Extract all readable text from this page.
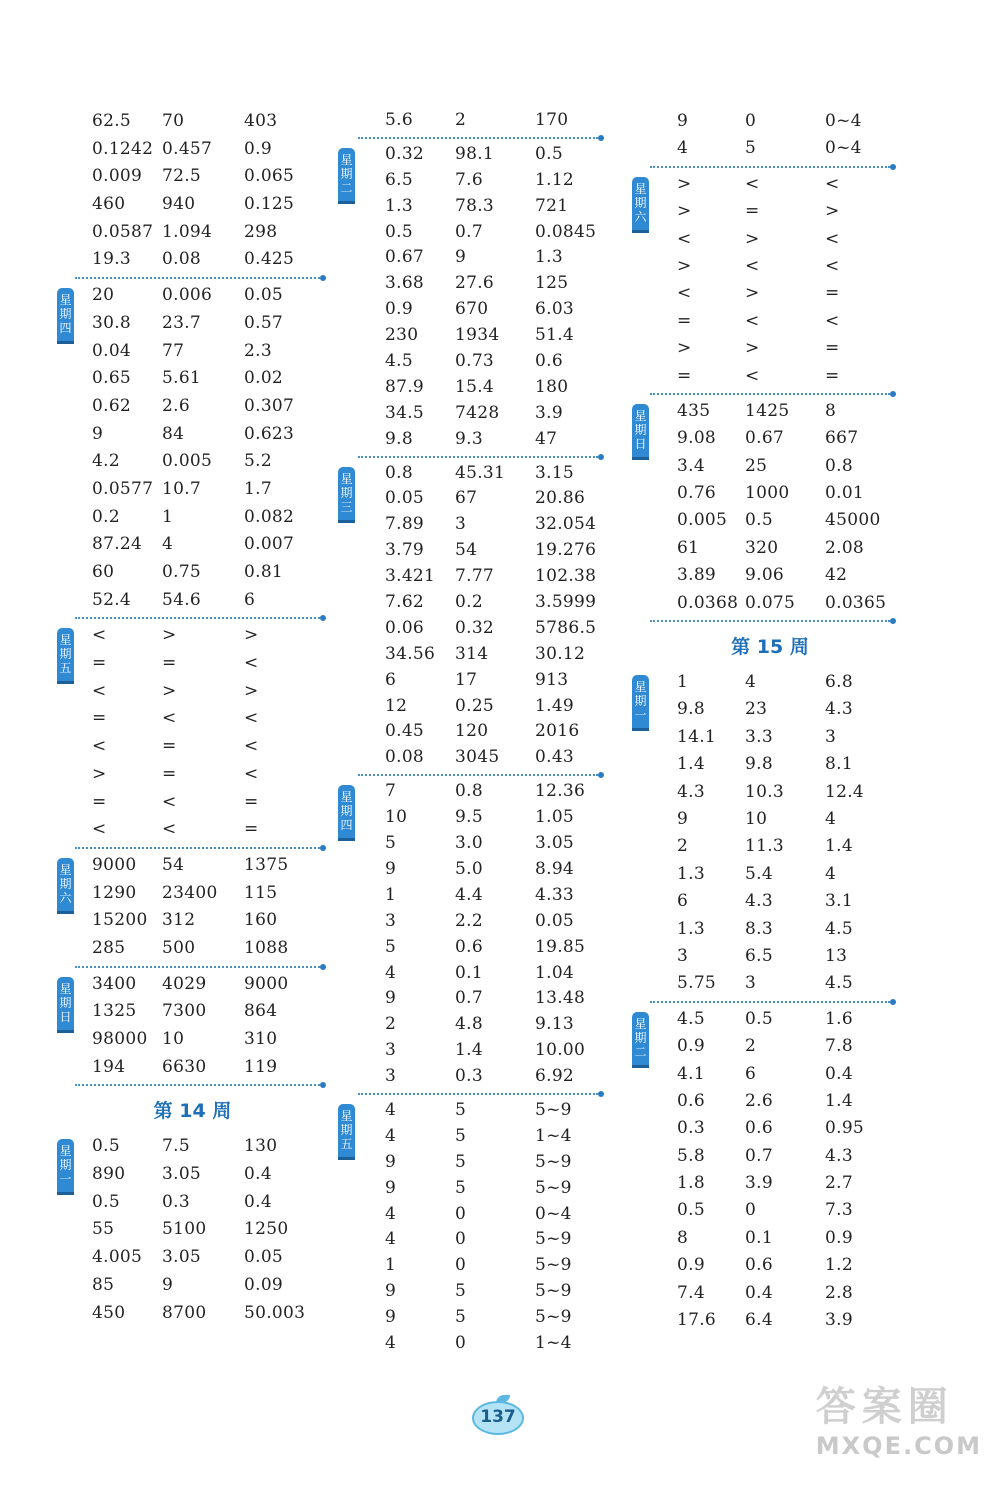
62.5	70	403
0.1242 0.457	0.9
0.009	72.5	0.065
460	940	0.125
0.0587 1.094	298
19.3	0.08	0.425
星期四
20	0.006	0.05
30.8	23.7	0.57
0.04	77	2.3
0.65	5.61	0.02
0.62	2.6	0.307
9	84	0.623
4.2	0.005	5.2
0.0577 10.7	1.7
0.2	1	0.082
87.24	4	0.007
60	0.75	0.81
52.4	54.6	6
星期五
<	>	>
=	=	<
<	>	>
=	<	<
<	=	<
>	=	<
=	<	=
<	<	=
星期六
9000	54	1375
1290	23400	115
15200 312	160
285	500	1088
星期日
3400	4029	9000
1325	7300	864
98000 10	310
194	6630	119
第 14 周
星期一
0.5	7.5	130
890	3.05	0.4
0.5	0.3	0.4
55	5100	1250
4.005	3.05	0.05
85	9	0.09
450	8700	50.003
5.6	2	170
星期二
0.32	98.1	0.5
6.5	7.6	1.12
1.3	78.3	721
0.5	0.7	0.0845
0.67	9	1.3
3.68	27.6	125
0.9	670	6.03
230	1934	51.4
4.5	0.73	0.6
87.9	15.4	180
34.5	7428	3.9
9.8	9.3	47
星期三
0.8	45.31	3.15
0.05	67	20.86
7.89	3	32.054
3.79	54	19.276
3.421	7.77	102.38
7.62	0.2	3.5999
0.06	0.32	5786.5
34.56	314	30.12
6	17	913
12	0.25	1.49
0.45	120	2016
0.08	3045	0.43
星期四
7	0.8	12.36
10	9.5	1.05
5	3.0	3.05
9	5.0	8.94
1	4.4	4.33
3	2.2	0.05
5	0.6	19.85
4	0.1	1.04
9	0.7	13.48
2	4.8	9.13
3	1.4	10.00
3	0.3	6.92
星期五
4	5	5~9
4	5	1~4
9	5	5~9
9	5	5~9
4	0	0~4
4	0	5~9
1	0	5~9
9	5	5~9
9	5	5~9
4	0	1~4
9	0	0~4
4	5	0~4
星期六
>	<	<
>	=	>
<	>	<
>	<	<
<	>	=
=	<	<
>	>	=
=	<	=
星期日
435	1425	8
9.08	0.67	667
3.4	25	0.8
0.76	1000	0.01
0.005	0.5	45000
61	320	2.08
3.89	9.06	42
0.0368 0.075	0.0365
第 15 周
星期一
1	4	6.8
9.8	23	4.3
14.1	3.3	3
1.4	9.8	8.1
4.3	10.3	12.4
9	10	4
2	11.3	1.4
1.3	5.4	4
6	4.3	3.1
1.3	8.3	4.5
3	6.5	13
5.75	3	4.5
星期二
4.5	0.5	1.6
0.9	2	7.8
4.1	6	0.4
0.6	2.6	1.4
0.3	0.6	0.95
5.8	0.7	4.3
1.8	3.9	2.7
0.5	0	7.3
8	0.1	0.9
0.9	0.6	1.2
7.4	0.4	2.8
17.6	6.4	3.9
137	答案圈
MXQE.COM
